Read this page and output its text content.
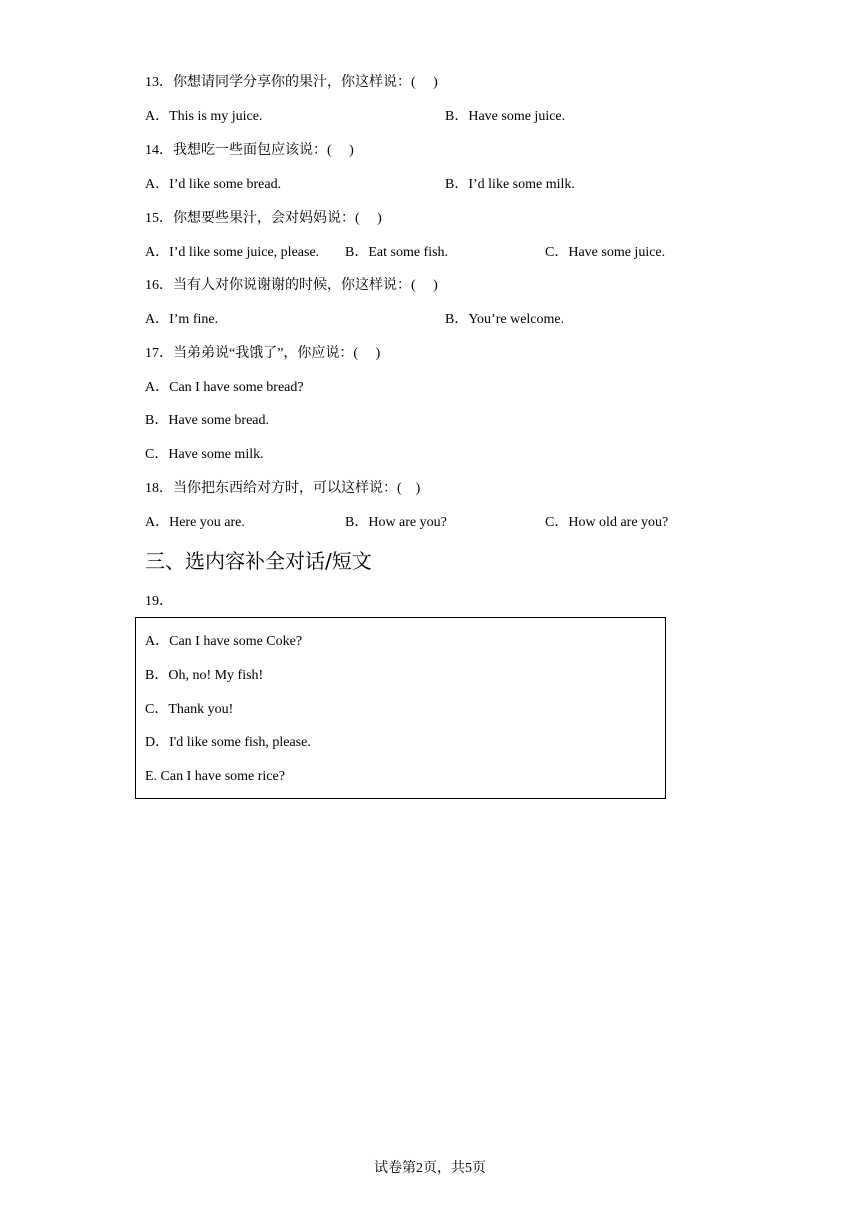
13．你想请同学分享你的果汁，你这样说：(　 )
A．This is my juice.	B．Have some juice.
14．我想吃一些面包应该说：(　 )
A．I’d like some bread.	B．I’d like some milk.
15．你想要些果汁，会对妈妈说：(　 )
A．I’d like some juice, please. B．Eat some fish.	C．Have some juice.
16．当有人对你说谢谢的时候，你这样说：(　 )
A．I’m fine.	B．You’re welcome.
17．当弟弟说“我饿了”，你应说：(　 )
A．Can I have some bread?
B．Have some bread.
C．Have some milk.
18．当你把东西给对方时，可以这样说：(　)
A．Here you are.	B．How are you?	C．How old are you?
三、选内容补全对话/短文
19．
A．Can I have some Coke?
B．Oh, no! My fish!
C．Thank you!
D．I'd like some fish, please.
E. Can I have some rice?
试卷第2页，共5页
